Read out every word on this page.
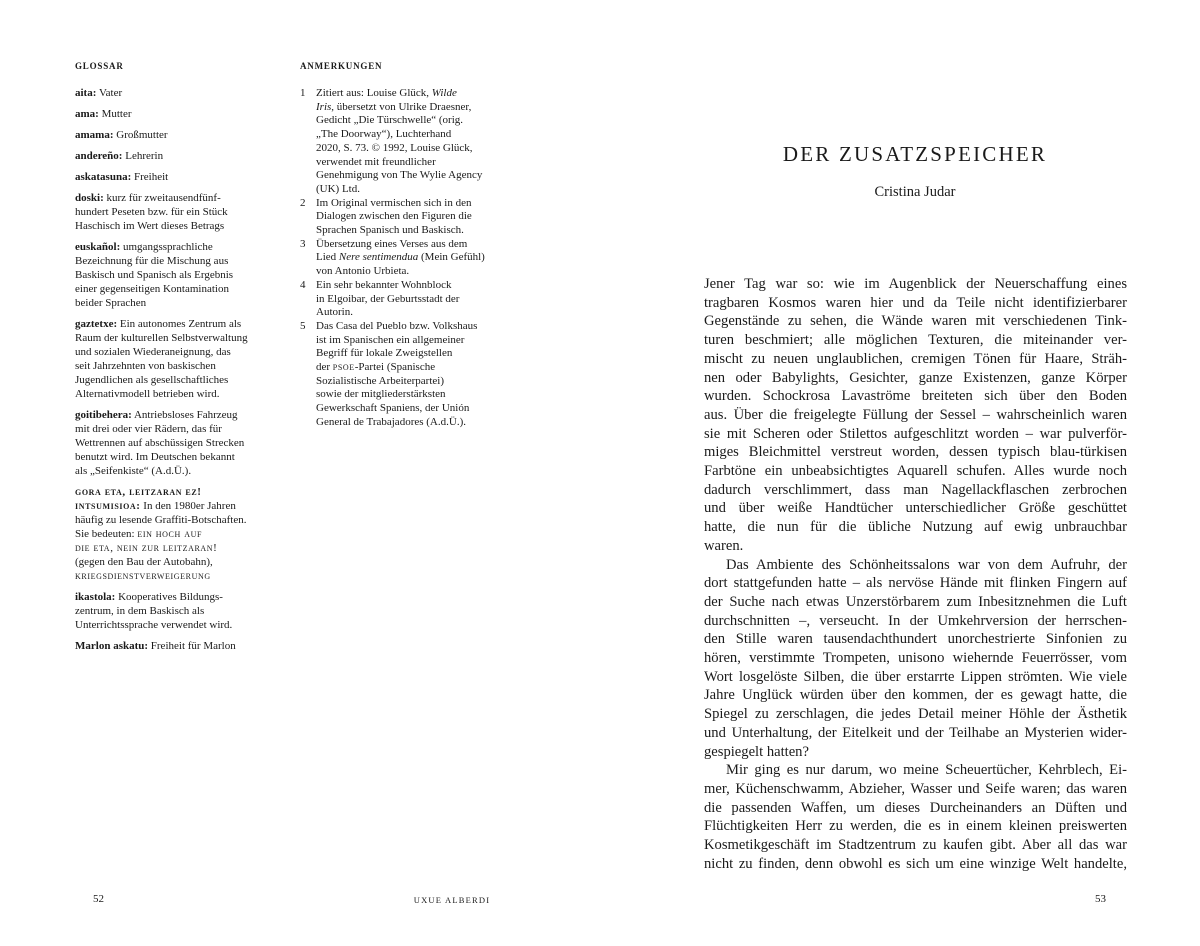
GLOSSAR
aita: Vater
ama: Mutter
amama: Großmutter
andereño: Lehrerin
askatasuna: Freiheit
doski: kurz für zweitausendfünf-
hundert Peseten bzw. für ein Stück
Haschisch im Wert dieses Betrags
euskañol: umgangssprachliche
Bezeichnung für die Mischung aus
Baskisch und Spanisch als Ergebnis
einer gegenseitigen Kontamination
beider Sprachen
gaztetxe: Ein autonomes Zentrum als
Raum der kulturellen Selbstverwaltung
und sozialen Wiederaneignung, das
seit Jahrzehnten von baskischen
Jugendlichen als gesellschaftliches
Alternativmodell betrieben wird.
goitibehera: Antriebsloses Fahrzeug
mit drei oder vier Rädern, das für
Wettrennen auf abschüssigen Strecken
benutzt wird. Im Deutschen bekannt
als „Seifenkiste“ (A.d.Ü.).
gora eta, leitzaran ez!
intsumisioa: In den 1980er Jahren
häufig zu lesende Graffiti-Botschaften.
Sie bedeuten: ein hoch auf
die eta, nein zur leitzaran!
(gegen den Bau der Autobahn),
kriegsdienstverweigerung
ikastola: Kooperatives Bildungs-
zentrum, in dem Baskisch als
Unterrichtssprache verwendet wird.
Marlon askatu: Freiheit für Marlon
ANMERKUNGEN
1 Zitiert aus: Louise Glück, Wilde
Iris, übersetzt von Ulrike Draesner,
Gedicht „Die Türschwelle“ (orig.
„The Doorway“), Luchterhand
2020, S. 73. © 1992, Louise Glück,
verwendet mit freundlicher
Genehmigung von The Wylie Agency
(UK) Ltd.
2 Im Original vermischen sich in den
Dialogen zwischen den Figuren die
Sprachen Spanisch und Baskisch.
3 Übersetzung eines Verses aus dem
Lied Nere sentimendua (Mein Gefühl)
von Antonio Urbieta.
4 Ein sehr bekannter Wohnblock
in Elgoibar, der Geburtsstadt der
Autorin.
5 Das Casa del Pueblo bzw. Volkshaus
ist im Spanischen ein allgemeiner
Begriff für lokale Zweigstellen
der psoe-Partei (Spanische
Sozialistische Arbeiterpartei)
sowie der mitgliederstärksten
Gewerkschaft Spaniens, der Unión
General de Trabajadores (A.d.Ü.).
52	UXUE ALBERDI
DER ZUSATZSPEICHER
Cristina Judar
Jener Tag war so: wie im Augenblick der Neuerschaffung eines
tragbaren Kosmos waren hier und da Teile nicht identifizierbarer
Gegenstände zu sehen, die Wände waren mit verschiedenen Tink-
turen beschmiert; alle möglichen Texturen, die miteinander ver-
mischt zu neuen unglaublichen, cremigen Tönen für Haare, Sträh-
nen oder Babylights, Gesichter, ganze Existenzen, ganze Körper
wurden. Schockrosa Lavaströme breiteten sich über den Boden
aus. Über die freigelegte Füllung der Sessel – wahrscheinlich waren
sie mit Scheren oder Stilettos aufgeschlitzt worden – war pulverför-
miges Bleichmittel verstreut worden, dessen typisch blau-türkisen
Farbtöne ein unbeabsichtigtes Aquarell schufen. Alles wurde noch
dadurch verschlimmert, dass man Nagellackflaschen zerbrochen
und über weiße Handtücher unterschiedlicher Größe geschüttet
hatte, die nun für die übliche Nutzung auf ewig unbrauchbar
waren.
Das Ambiente des Schönheitssalons war von dem Aufruhr, der
dort stattgefunden hatte – als nervöse Hände mit flinken Fingern auf
der Suche nach etwas Unzerstörbarem zum Inbesitznehmen die Luft
durchschnitten –, verseucht. In der Umkehrversion der herrschen-
den Stille waren tausendachthundert unorchestrierte Sinfonien zu
hören, verstimmte Trompeten, unisono wiehernde Feuerrösser, vom
Wort losgelöste Silben, die über erstarrte Lippen strömten. Wie viele
Jahre Unglück würden über den kommen, der es gewagt hatte, die
Spiegel zu zerschlagen, die jedes Detail meiner Höhle der Ästhetik
und Unterhaltung, der Eitelkeit und der Teilhabe an Mysterien wider-
gespiegelt hatten?
Mir ging es nur darum, wo meine Scheuertücher, Kehrblech, Ei-
mer, Küchenschwamm, Abzieher, Wasser und Seife waren; das waren
die passenden Waffen, um dieses Durcheinanders an Düften und
Flüchtigkeiten Herr zu werden, die es in einem kleinen preiswerten
Kosmetikgeschäft im Stadtzentrum zu kaufen gibt. Aber all das war
nicht zu finden, denn obwohl es sich um eine winzige Welt handelte,
53
